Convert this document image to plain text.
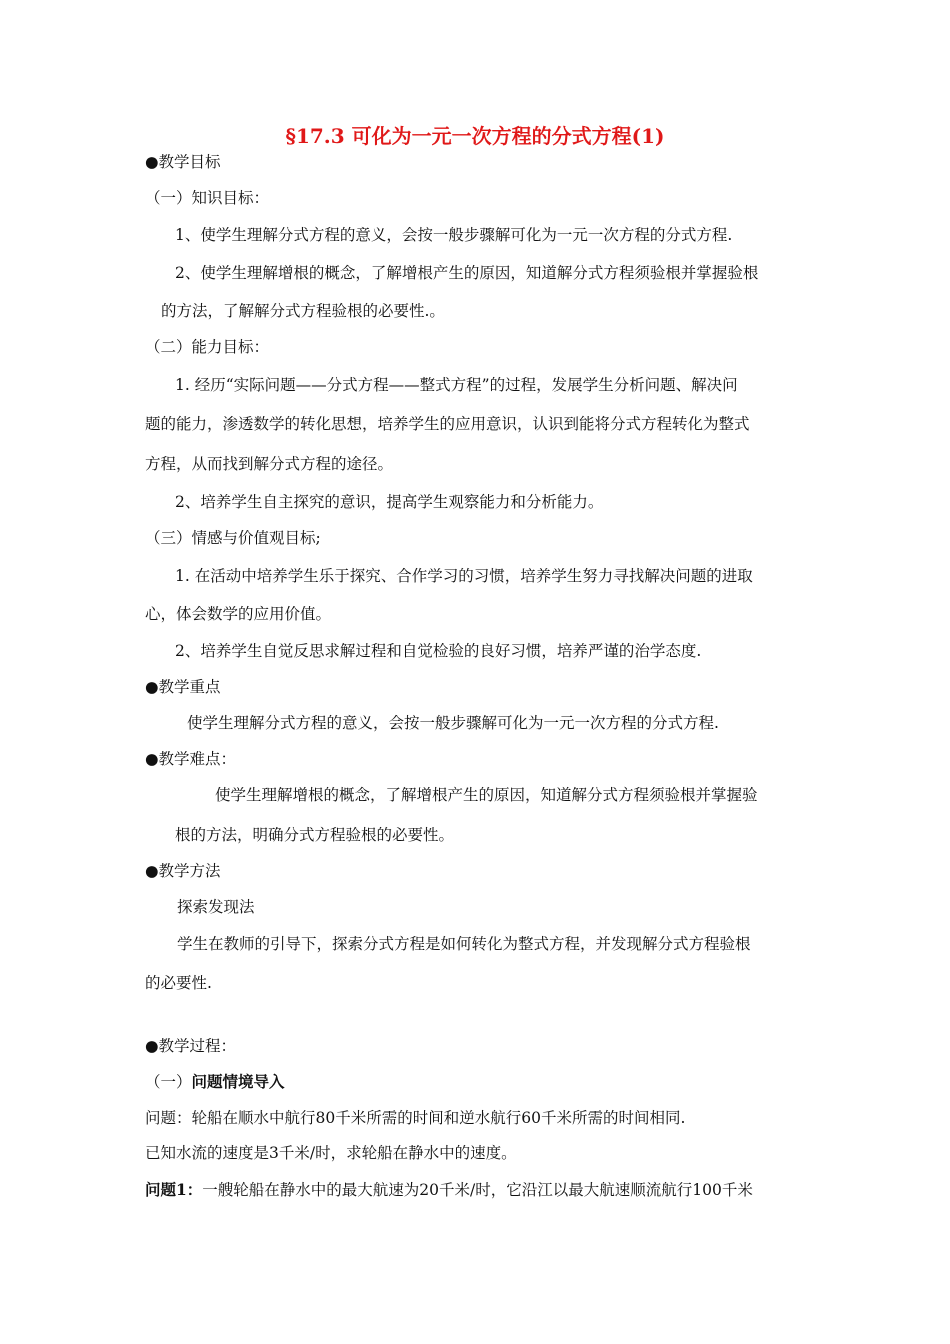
§17.3 可化为一元一次方程的分式方程(1)
●教学目标
（一）知识目标：
1、使学生理解分式方程的意义，会按一般步骤解可化为一元一次方程的分式方程.
2、使学生理解增根的概念，了解增根产生的原因，知道解分式方程须验根并掌握验根
的方法，了解解分式方程验根的必要性.。
（二）能力目标：
1. 经历“实际问题——分式方程——整式方程”的过程，发展学生分析问题、解决问
题的能力，渗透数学的转化思想，培养学生的应用意识，认识到能将分式方程转化为整式
方程，从而找到解分式方程的途径。
2、培养学生自主探究的意识，提高学生观察能力和分析能力。
（三）情感与价值观目标;
1. 在活动中培养学生乐于探究、合作学习的习惯，培养学生努力寻找解决问题的进取
心，体会数学的应用价值。
2、培养学生自觉反思求解过程和自觉检验的良好习惯，培养严谨的治学态度.
●教学重点
使学生理解分式方程的意义，会按一般步骤解可化为一元一次方程的分式方程.
●教学难点：
使学生理解增根的概念，了解增根产生的原因，知道解分式方程须验根并掌握验
根的方法，明确分式方程验根的必要性。
●教学方法
探索发现法
学生在教师的引导下，探索分式方程是如何转化为整式方程，并发现解分式方程验根
的必要性.
●教学过程：
（一）问题情境导入
问题：轮船在顺水中航行80千米所需的时间和逆水航行60千米所需的时间相同.
已知水流的速度是3千米/时，求轮船在静水中的速度。
问题1：一艘轮船在静水中的最大航速为20千米/时，它沿江以最大航速顺流航行100千米
